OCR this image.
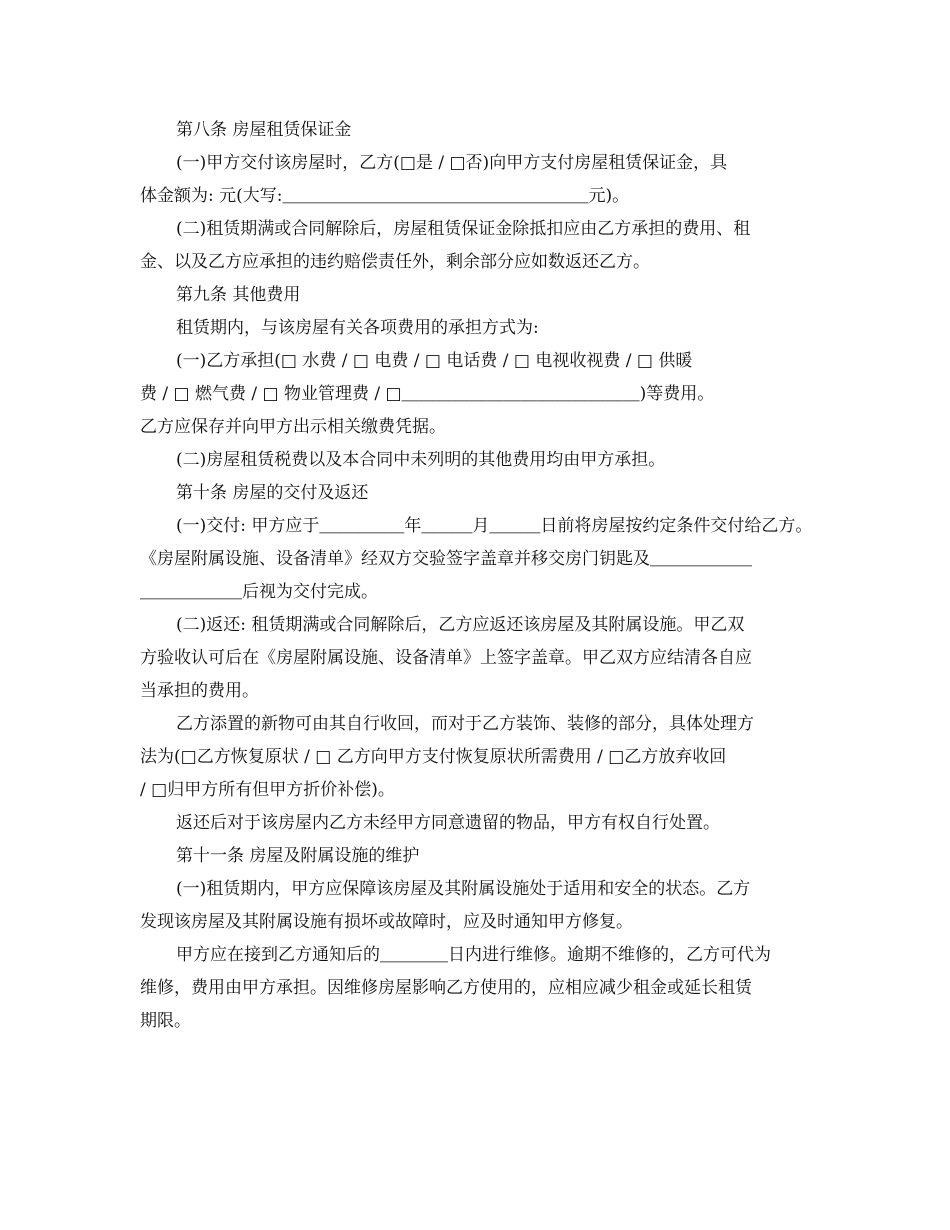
第八条 房屋租赁保证金
(一)甲方交付该房屋时，乙方(□是 / □否)向甲方支付房屋租赁保证金，具
体金额为: 元(大写:＿＿＿＿＿＿＿＿＿＿＿＿＿＿＿＿＿＿元)。
(二)租赁期满或合同解除后，房屋租赁保证金除抵扣应由乙方承担的费用、租
金、以及乙方应承担的违约赔偿责任外，剩余部分应如数返还乙方。
第九条 其他费用
租赁期内，与该房屋有关各项费用的承担方式为:
(一)乙方承担(□ 水费 / □ 电费 / □ 电话费 / □ 电视收视费 / □ 供暖
费 / □ 燃气费 / □ 物业管理费 / □＿＿＿＿＿＿＿＿＿＿＿＿＿＿)等费用。
乙方应保存并向甲方出示相关缴费凭据。
(二)房屋租赁税费以及本合同中未列明的其他费用均由甲方承担。
第十条 房屋的交付及返还
(一)交付: 甲方应于＿＿＿＿＿年＿＿＿月＿＿＿日前将房屋按约定条件交付给乙方。
《房屋附属设施、设备清单》经双方交验签字盖章并移交房门钥匙及＿＿＿＿＿＿
＿＿＿＿＿＿后视为交付完成。
(二)返还: 租赁期满或合同解除后，乙方应返还该房屋及其附属设施。甲乙双
方验收认可后在《房屋附属设施、设备清单》上签字盖章。甲乙双方应结清各自应
当承担的费用。
乙方添置的新物可由其自行收回，而对于乙方装饰、装修的部分，具体处理方
法为(□乙方恢复原状 / □ 乙方向甲方支付恢复原状所需费用 / □乙方放弃收回
/ □归甲方所有但甲方折价补偿)。
返还后对于该房屋内乙方未经甲方同意遗留的物品，甲方有权自行处置。
第十一条 房屋及附属设施的维护
(一)租赁期内，甲方应保障该房屋及其附属设施处于适用和安全的状态。乙方
发现该房屋及其附属设施有损坏或故障时，应及时通知甲方修复。
甲方应在接到乙方通知后的＿＿＿＿日内进行维修。逾期不维修的，乙方可代为
维修，费用由甲方承担。因维修房屋影响乙方使用的，应相应减少租金或延长租赁
期限。
